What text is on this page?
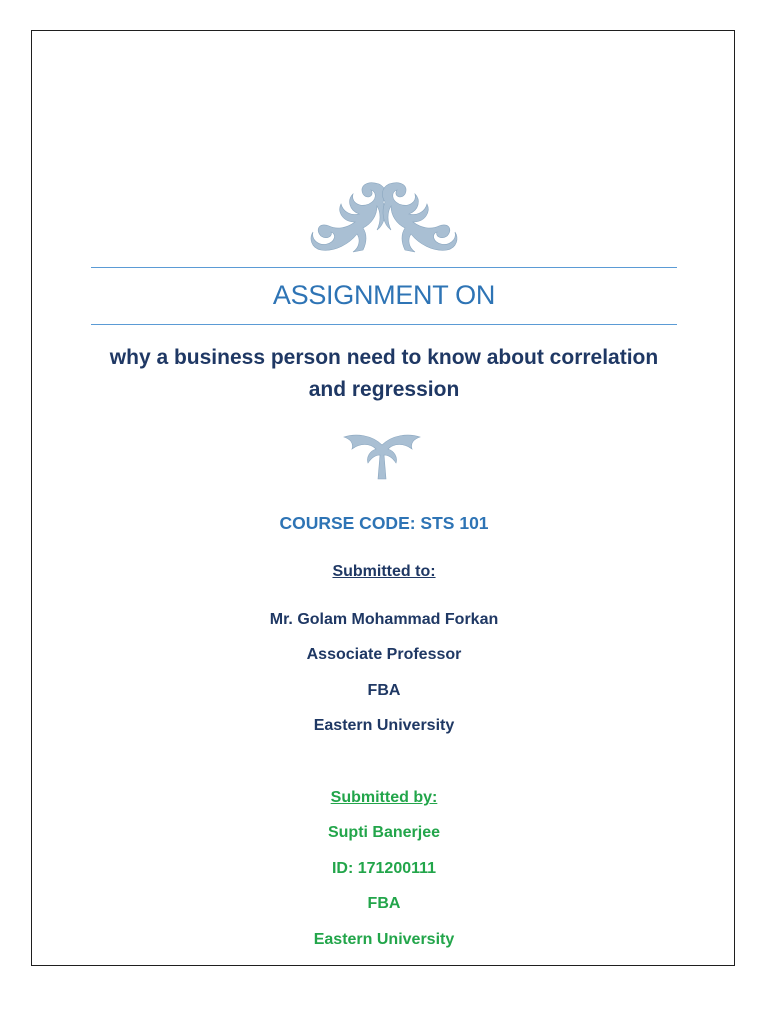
ASSIGNMENT ON
why a business person need to know about correlation and regression
COURSE CODE: STS 101
Submitted to:
Mr. Golam Mohammad Forkan
Associate Professor
FBA
Eastern University
Submitted by:
Supti Banerjee
ID: 171200111
FBA
Eastern University
